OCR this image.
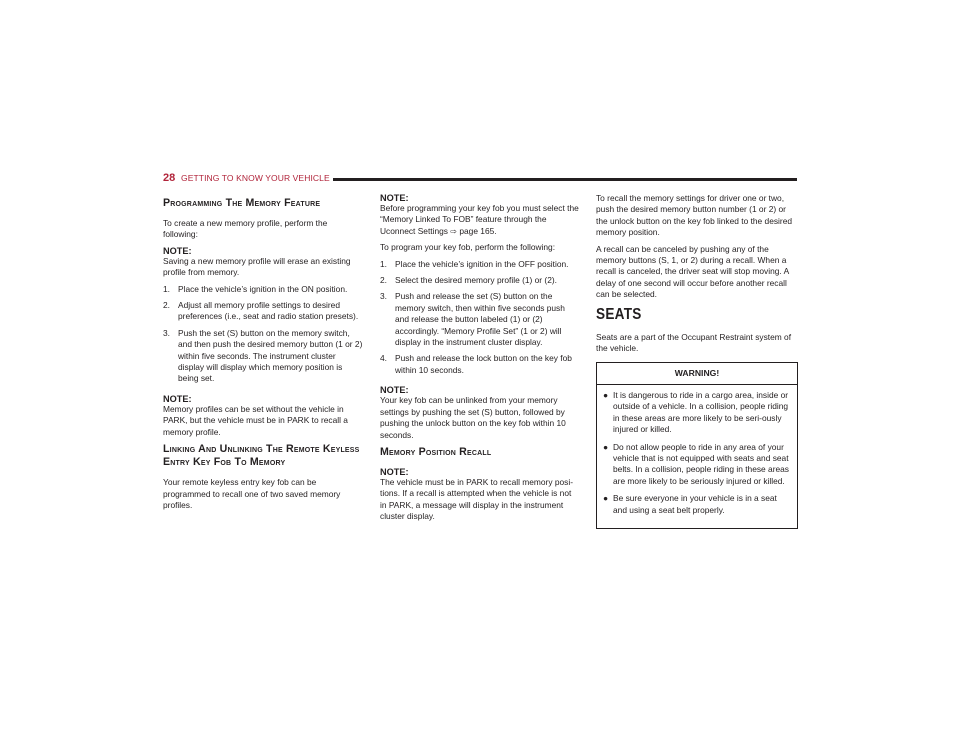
28 GETTING TO KNOW YOUR VEHICLE
Programming The Memory Feature

To create a new memory profile, perform the following:

NOTE:

Saving a new memory profile will erase an existing profile from memory.

1. Place the vehicle’s ignition in the ON position.
2. Adjust all memory profile settings to desired preferences (i.e., seat and radio station presets).
3. Push the set (S) button on the memory switch, and then push the desired memory button (1 or 2) within five seconds. The instrument cluster display will display which memory position is being set.
NOTE:

Memory profiles can be set without the vehicle in PARK, but the vehicle must be in PARK to recall a memory profile.

Linking And Unlinking The Remote Keyless Entry Key Fob To Memory

Your remote keyless entry key fob can be programmed to recall one of two saved memory profiles.

NOTE:

Before programming your key fob you must select the “Memory Linked To FOB” feature through the Uconnect Settings ⇨ page 165.

To program your key fob, perform the following:

1. Place the vehicle’s ignition in the OFF position.
2. Select the desired memory profile (1) or (2).
3. Push and release the set (S) button on the memory switch, then within five seconds push and release the button labeled (1) or (2) accordingly. “Memory Profile Set” (1 or 2) will display in the instrument cluster display.
4. Push and release the lock button on the key fob within 10 seconds.
NOTE:

Your key fob can be unlinked from your memory settings by pushing the set (S) button, followed by pushing the unlock button on the key fob within 10 seconds.

Memory Position Recall
NOTE:

The vehicle must be in PARK to recall memory posi-tions. If a recall is attempted when the vehicle is not in PARK, a message will display in the instrument cluster display.

To recall the memory settings for driver one or two, push the desired memory button number (1 or 2) or the unlock button on the key fob linked to the desired memory position.

A recall can be canceled by pushing any of the memory buttons (S, 1, or 2) during a recall. When a recall is canceled, the driver seat will stop moving. A delay of one second will occur before another recall can be selected.

SEATS

Seats are a part of the Occupant Restraint system of the vehicle.

WARNING!
● It is dangerous to ride in a cargo area, inside or outside of a vehicle. In a collision, people riding in these areas are more likely to be seri-ously injured or killed.
● Do not allow people to ride in any area of your vehicle that is not equipped with seats and seat belts. In a collision, people riding in these areas are more likely to be seriously injured or killed.
● Be sure everyone in your vehicle is in a seat and using a seat belt properly.
